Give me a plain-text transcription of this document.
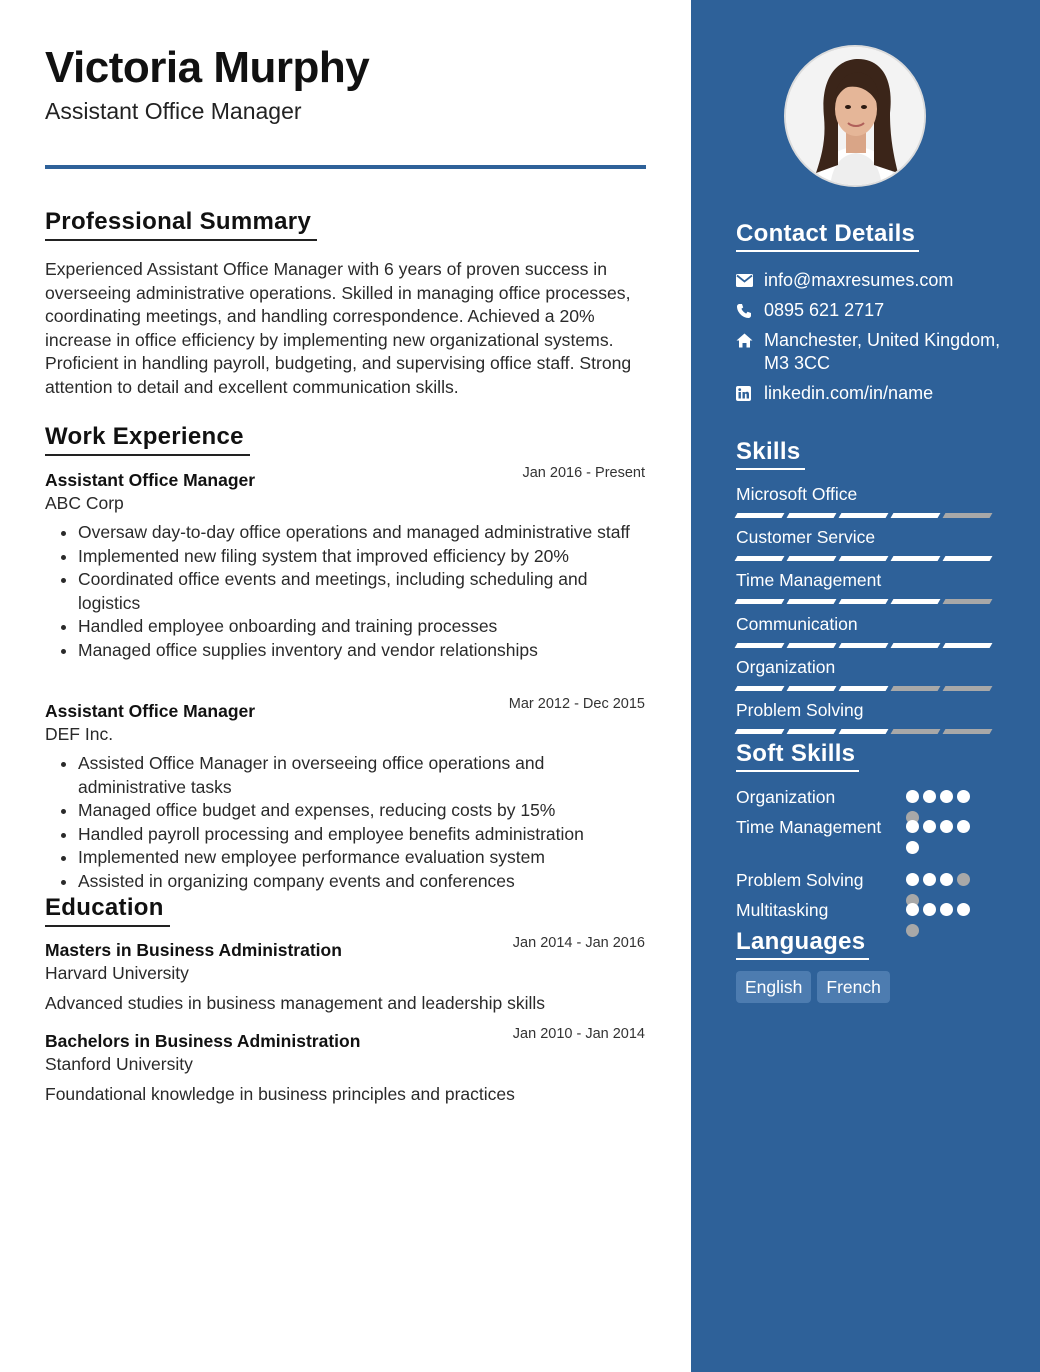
Victoria Murphy
Assistant Office Manager
Professional Summary

Experienced Assistant Office Manager with 6 years of proven success in overseeing administrative operations. Skilled in managing office processes, coordinating meetings, and handling correspondence. Achieved a 20% increase in office efficiency by implementing new organizational systems. Proficient in handling payroll, budgeting, and supervising office staff. Strong attention to detail and excellent communication skills.

Work Experience
Assistant Office Manager	Jan 2016 - Present
ABC Corp
• Oversaw day-to-day office operations and managed administrative staff
• Implemented new filing system that improved efficiency by 20%
• Coordinated office events and meetings, including scheduling and logistics
• Handled employee onboarding and training processes
• Managed office supplies inventory and vendor relationships
Assistant Office Manager	Mar 2012 - Dec 2015
DEF Inc.
• Assisted Office Manager in overseeing office operations and administrative tasks
• Managed office budget and expenses, reducing costs by 15%
• Handled payroll processing and employee benefits administration
• Implemented new employee performance evaluation system
• Assisted in organizing company events and conferences
Education
Masters in Business Administration	Jan 2014 - Jan 2016
Harvard University
Advanced studies in business management and leadership skills
Bachelors in Business Administration	Jan 2010 - Jan 2014
Stanford University
Foundational knowledge in business principles and practices
Contact Details
info@maxresumes.com
0895 621 2717
Manchester, United Kingdom, M3 3CC
linkedin.com/in/name
Skills
Microsoft Office
Customer Service
Time Management
Communication
Organization
Problem Solving
Soft Skills
Organization
Time Management
Problem Solving
Multitasking
Languages
English	French
